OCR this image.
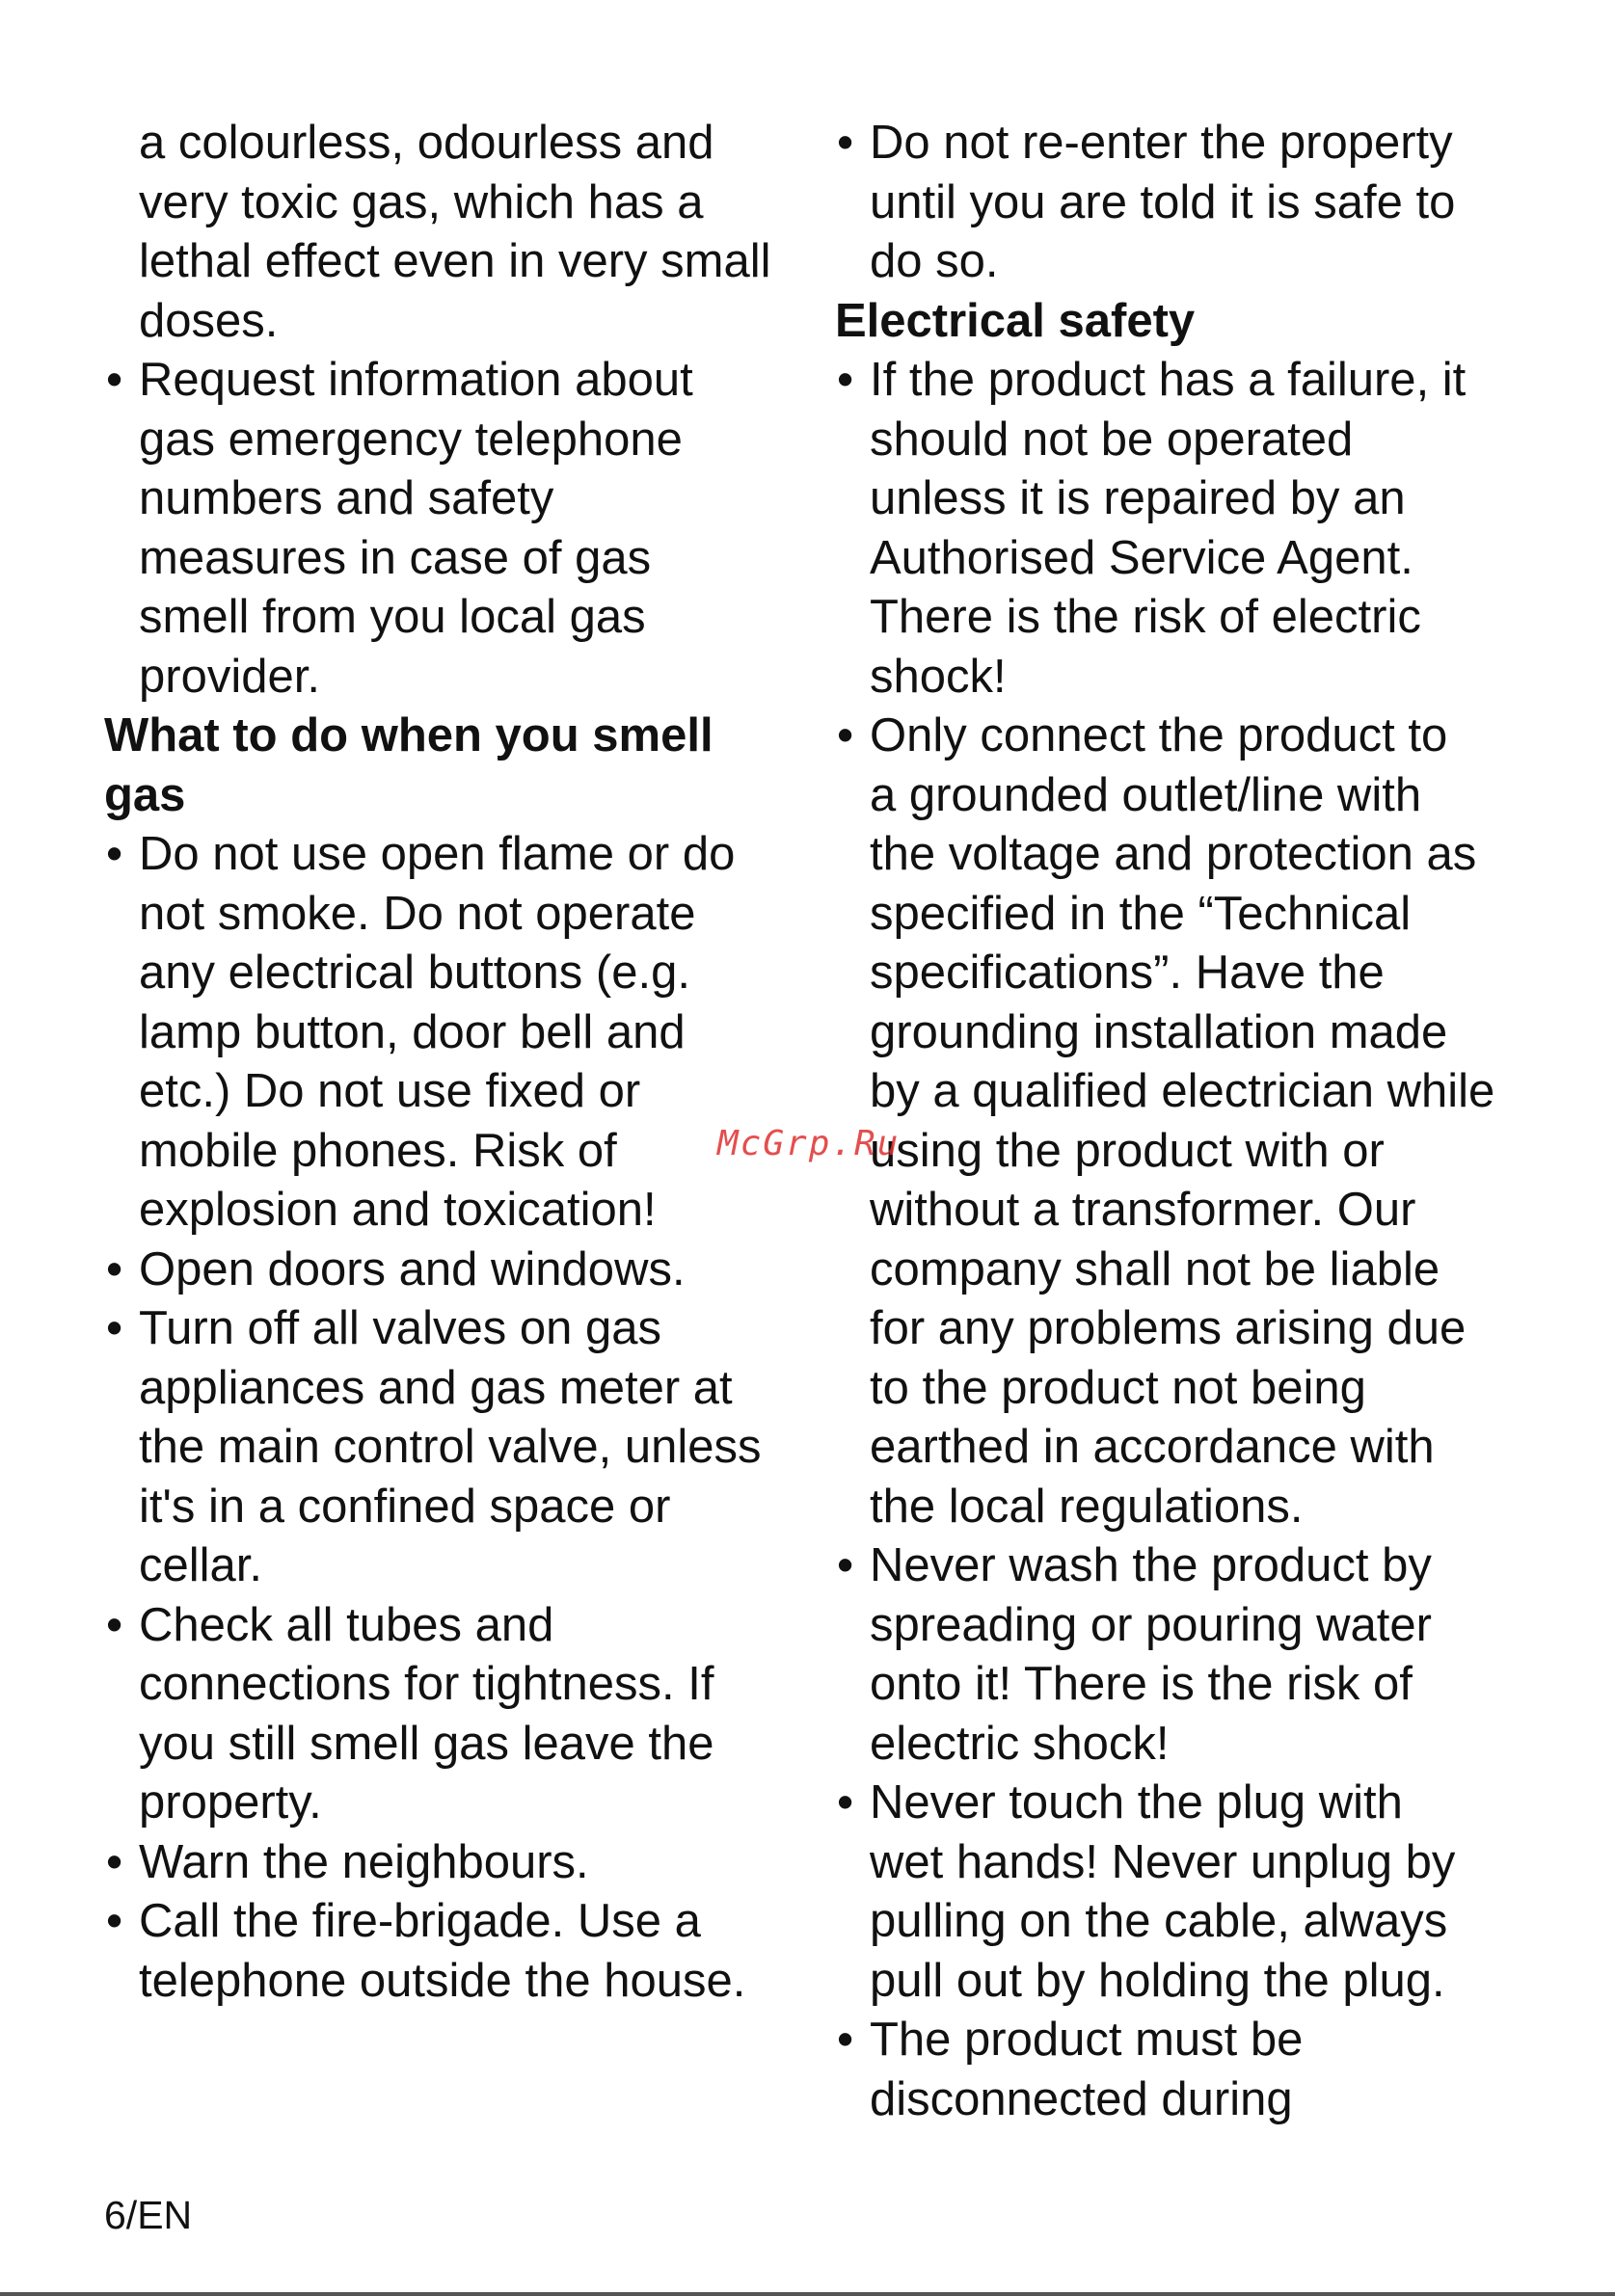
a colourless, odourless and
very toxic gas, which has a
lethal effect even in very small
doses.
• Request information about
gas emergency telephone
numbers and safety
measures in case of gas
smell from you local gas
provider.
What to do when you smell
gas
• Do not use open flame or do
not smoke. Do not operate
any electrical buttons (e.g.
lamp button, door bell and
etc.) Do not use fixed or
mobile phones. Risk of
explosion and toxication!
• Open doors and windows.
• Turn off all valves on gas
appliances and gas meter at
the main control valve, unless
it's in a confined space or
cellar.
• Check all tubes and
connections for tightness. If
you still smell gas leave the
property.
• Warn the neighbours.
• Call the fire-brigade. Use a
telephone outside the house.
• Do not re-enter the property
until you are told it is safe to
do so.
Electrical safety
• If the product has a failure, it
should not be operated
unless it is repaired by an
Authorised Service Agent.
There is the risk of electric
shock!
• Only connect the product to
a grounded outlet/line with
the voltage and protection as
specified in the “Technical
specifications”. Have the
grounding installation made
by a qualified electrician while
using the product with or
without a transformer. Our
company shall not be liable
for any problems arising due
to the product not being
earthed in accordance with
the local regulations.
• Never wash the product by
spreading or pouring water
onto it! There is the risk of
electric shock!
• Never touch the plug with
wet hands! Never unplug by
pulling on the cable, always
pull out by holding the plug.
• The product must be
disconnected during
McGrp.Ru
6/EN
